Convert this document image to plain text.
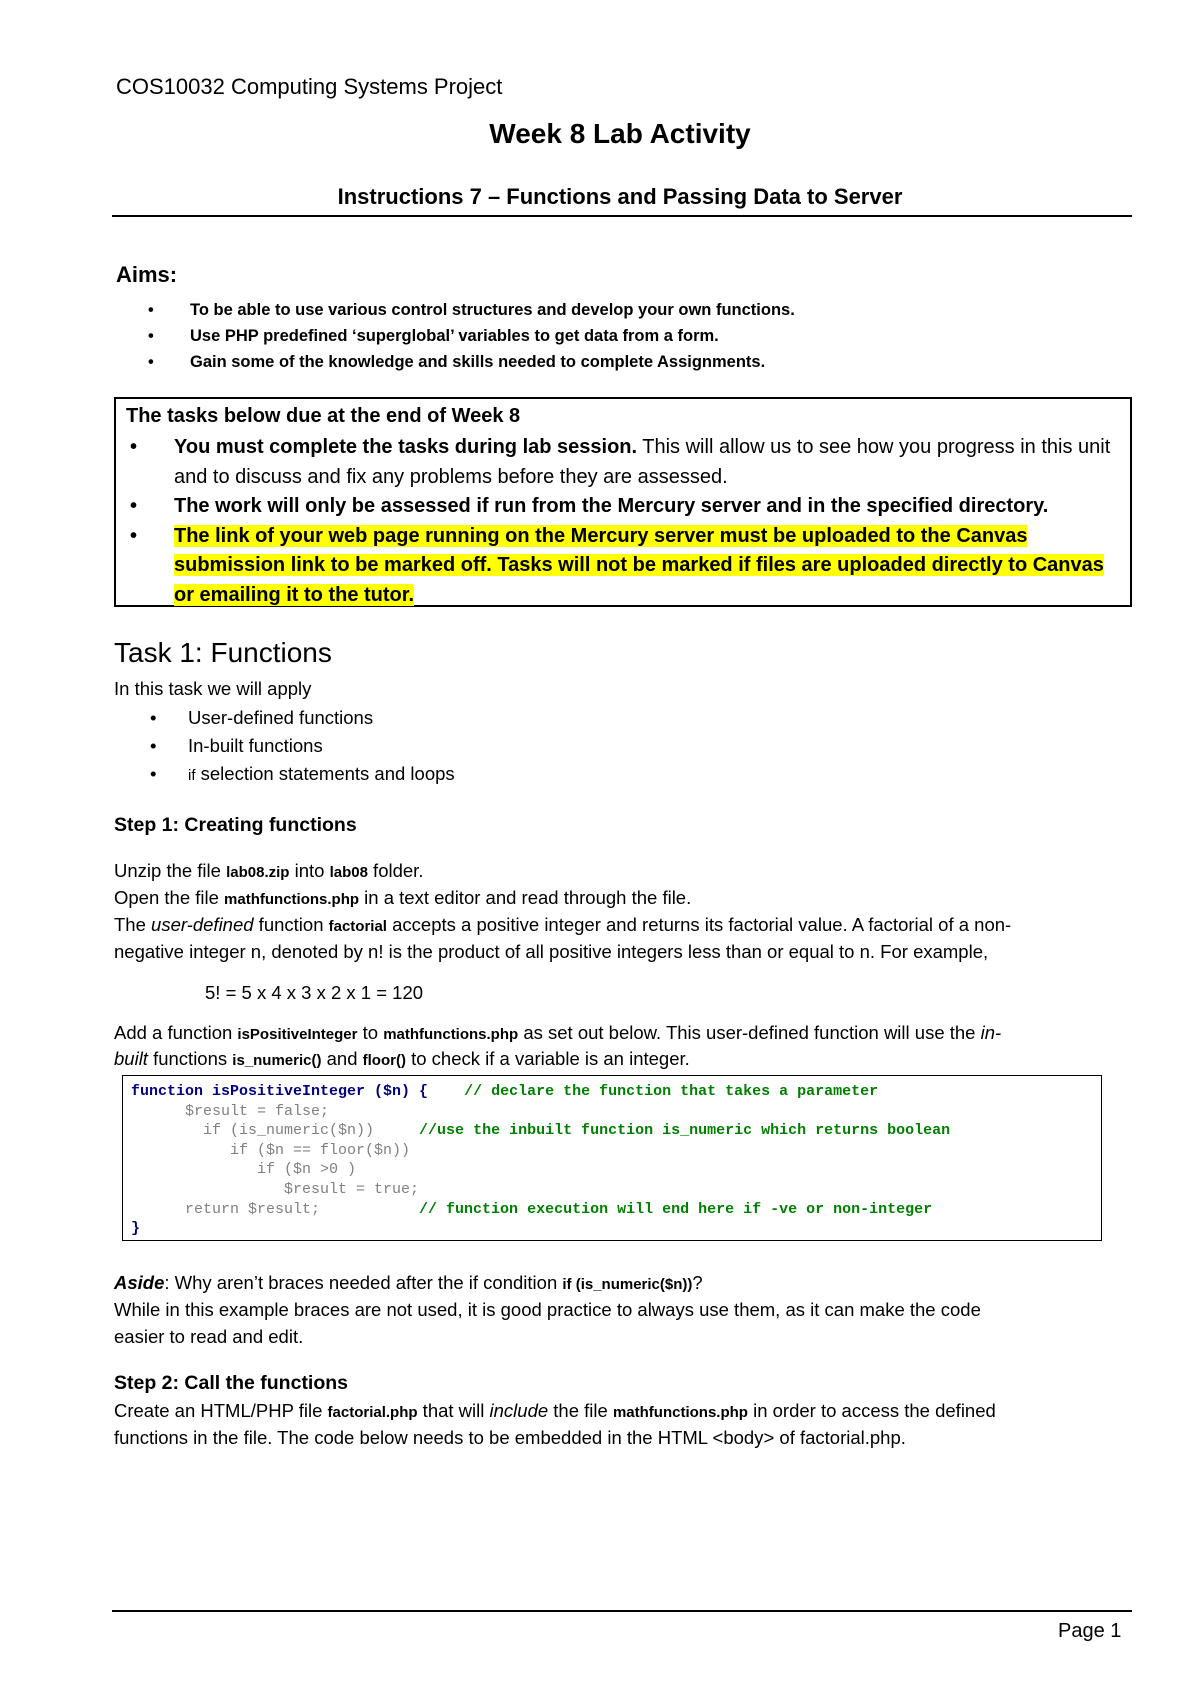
COS10032 Computing Systems Project
Week 8 Lab Activity
Instructions 7 – Functions and Passing Data to Server
Aims:
• To be able to use various control structures and develop your own functions.
• Use PHP predefined ‘superglobal’ variables to get data from a form.
• Gain some of the knowledge and skills needed to complete Assignments.
The tasks below due at the end of Week 8
• You must complete the tasks during lab session. This will allow us to see how you progress in this unit and to discuss and fix any problems before they are assessed.
• The work will only be assessed if run from the Mercury server and in the specified directory.
• The link of your web page running on the Mercury server must be uploaded to the Canvas submission link to be marked off. Tasks will not be marked if files are uploaded directly to Canvas or emailing it to the tutor.
Task 1: Functions
In this task we will apply
• User-defined functions
• In-built functions
• if selection statements and loops
Step 1: Creating functions
Unzip the file lab08.zip into lab08 folder.
Open the file mathfunctions.php in a text editor and read through the file.
The user-defined function factorial accepts a positive integer and returns its factorial value. A factorial of a non-
negative integer n, denoted by n! is the product of all positive integers less than or equal to n. For example,
5! = 5 x 4 x 3 x 2 x 1 = 120
Add a function isPositiveInteger to mathfunctions.php as set out below. This user-defined function will use the in-
built functions is_numeric() and floor() to check if a variable is an integer.
function isPositiveInteger ($n) {    // declare the function that takes a parameter
$result = false;
if (is_numeric($n))     //use the inbuilt function is_numeric which returns boolean
if ($n == floor($n))
if ($n >0 )
$result = true;
return $result;           // function execution will end here if -ve or non-integer
}
Aside: Why aren’t braces needed after the if condition if (is_numeric($n))?
While in this example braces are not used, it is good practice to always use them, as it can make the code
easier to read and edit.
Step 2: Call the functions
Create an HTML/PHP file factorial.php that will include the file mathfunctions.php in order to access the defined
functions in the file. The code below needs to be embedded in the HTML <body> of factorial.php.
Page 1
